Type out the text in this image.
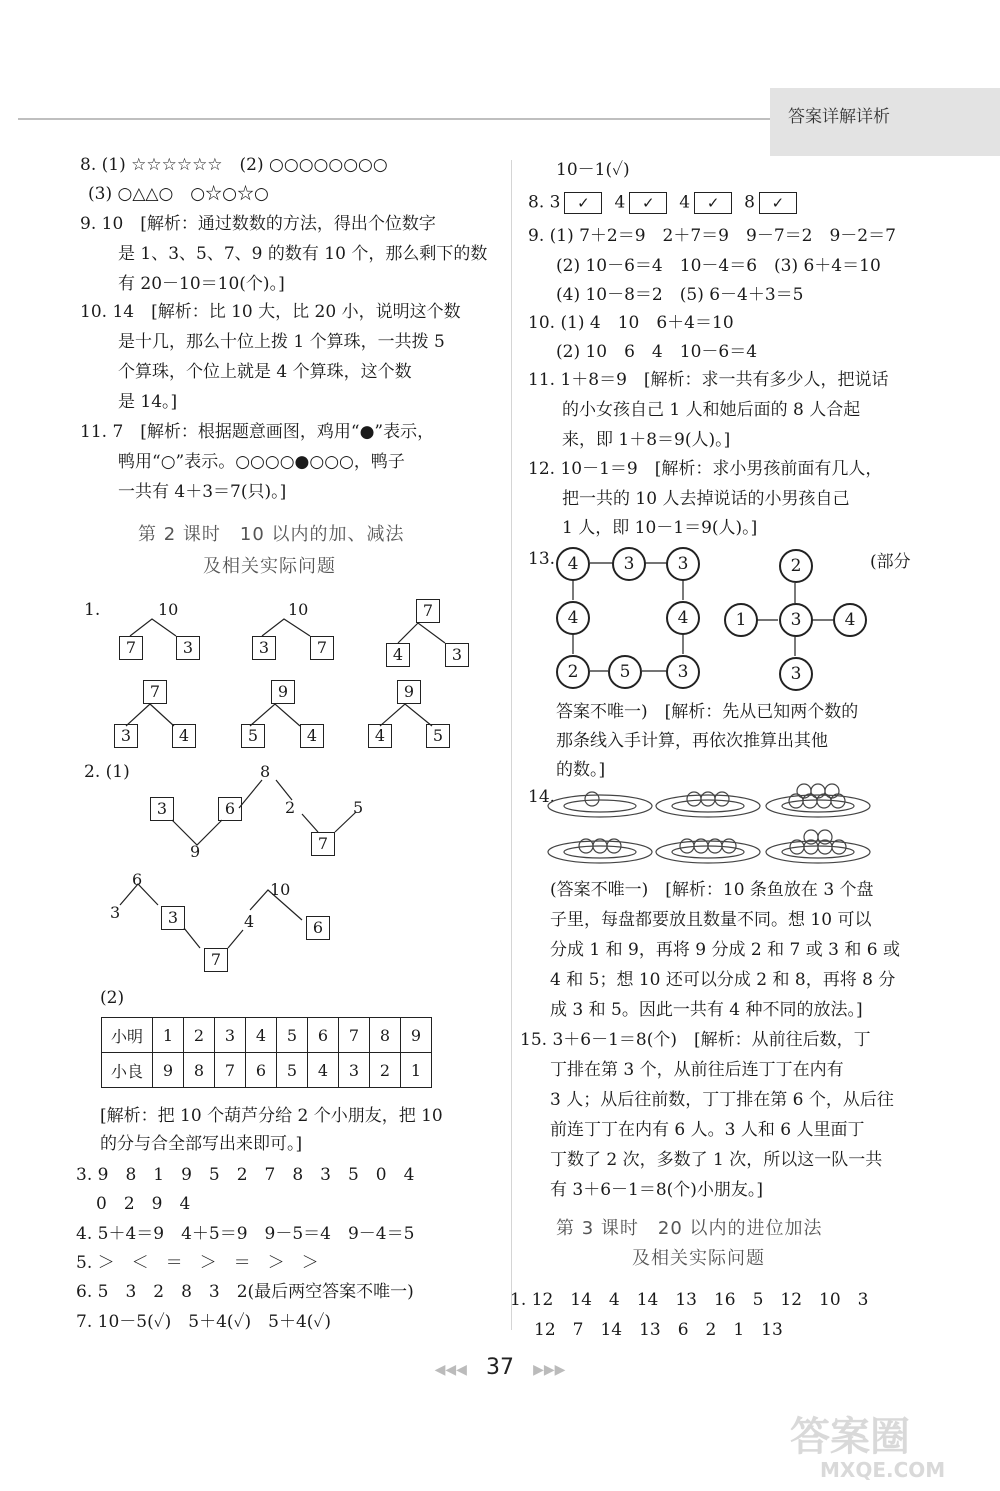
答案详解详析
8. (1) ☆☆☆☆☆☆　(2) ○○○○○○○○
(3) ○△△○　○☆○☆○
9. 10　[解析：通过数数的方法，得出个位数字
是 1、3、5、7、9 的数有 10 个，那么剩下的数
有 20－10＝10(个)。]
10. 14　[解析：比 10 大，比 20 小，说明这个数
是十几，那么十位上拨 1 个算珠，一共拨 5
个算珠，个位上就是 4 个算珠，这个数
是 14。]
11. 7　[解析：根据题意画图，鸡用“●”表示，
鸭用“○”表示。○○○○●○○○，鸭子
一共有 4＋3＝7(只)。]
第 2 课时　10 以内的加、减法
及相关实际问题
1.	10
7	3
10
3	7
7
4	3
7
3	4
9
5	4
9
4	5
2. (1)
3	6
8
9
2
7
5
6
3	3
7
4
10
6
(2)
小明	1	2	3	4	5	6	7	8	9
小良	9	8	7	6	5	4	3	2	1
[解析：把 10 个葫芦分给 2 个小朋友，把 10
的分与合全部写出来即可。]
3. 9　8　1　9　5　2　7　8　3　5　0　4
0　2　9　4
4. 5＋4＝9　4＋5＝9　9－5＝4　9－4＝5
5. ＞　＜　＝　＞　＝　＞　＞
6. 5　3　2　8　3　2(最后两空答案不唯一)
7. 10－5(✓)　5＋4(✓)　5＋4(✓)
10－1(✓)
8. 3 ✓ 4 ✓ 4 ✓ 8 ✓
9. (1) 7＋2＝9　2＋7＝9　9－7＝2　9－2＝7
(2) 10－6＝4　10－4＝6　(3) 6＋4＝10
(4) 10－8＝2　(5) 6－4＋3＝5
10. (1) 4　10　6＋4＝10
(2) 10　6　4　10－6＝4
11. 1＋8＝9　[解析：求一共有多少人，把说话
的小女孩自己 1 人和她后面的 8 人合起
来，即 1＋8＝9(人)。]
12. 10－1＝9　[解析：求小男孩前面有几人，
把一共的 10 人去掉说话的小男孩自己
1 人，即 10－1＝9(人)。]
13.	(部分
4	3	3
4	4
2	5	3
2
1	3	4
3
答案不唯一)　[解析：先从已知两个数的
那条线入手计算，再依次推算出其他
的数。]
14.
(答案不唯一)　[解析：10 条鱼放在 3 个盘
子里，每盘都要放且数量不同。想 10 可以
分成 1 和 9，再将 9 分成 2 和 7 或 3 和 6 或
4 和 5；想 10 还可以分成 2 和 8，再将 8 分
成 3 和 5。因此一共有 4 种不同的放法。]
15. 3＋6－1＝8(个)　[解析：从前往后数，丁
丁排在第 3 个，从前往后连丁丁在内有
3 人；从后往前数，丁丁排在第 6 个，从后往
前连丁丁在内有 6 人。3 人和 6 人里面丁
丁数了 2 次，多数了 1 次，所以这一队一共
有 3＋6－1＝8(个)小朋友。]
第 3 课时　20 以内的进位加法
及相关实际问题
1. 12　14　4　14　13　16　5　12　10　3
12　7　14　13　6　2　1　13
◀◀◀ 37 ▶▶▶
答案圈
MXQE.COM
